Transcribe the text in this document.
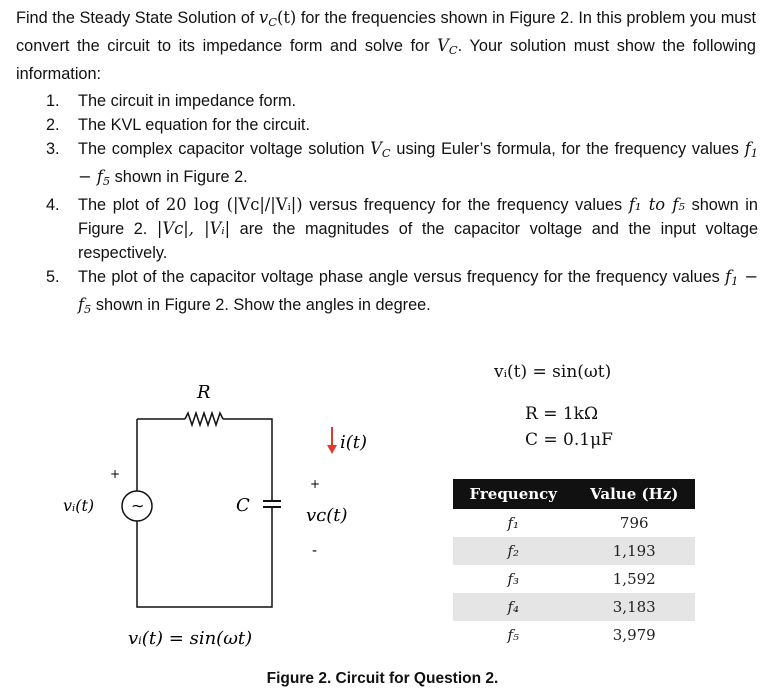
Find the Steady State Solution of $v_C(t)$ for the frequencies shown in Figure 2. In this problem you must convert the circuit to its impedance form and solve for $V_C$. Your solution must show the following information:

1. The circuit in impedance form.
2. The KVL equation for the circuit.
3. The complex capacitor voltage solution $V_C$ using Euler’s formula, for the frequency values $f_1 - f_5$ shown in Figure 2.
4. The plot of 20 log (|Vᴄ|/|Vᵢ|) versus frequency for the frequency values f₁ to f₅ shown in Figure 2. |Vᴄ|, |Vᵢ| are the magnitudes of the capacitor voltage and the input voltage respectively.
5. The plot of the capacitor voltage phase angle versus frequency for the frequency values $f_1 - f_5$ shown in Figure 2. Show the angles in degree.
∼
R
C
vᵢ(t)
+
i(t)
+
vᴄ(t)
-
vᵢ(t) = sin(ωt)
vᵢ(t) = sin(ωt)
R = 1kΩ
C = 0.1μF
Frequency	Value (Hz)
f₁	796
f₂	1,193
f₃	1,592
f₄	3,183
f₅	3,979
Figure 2. Circuit for Question 2.
